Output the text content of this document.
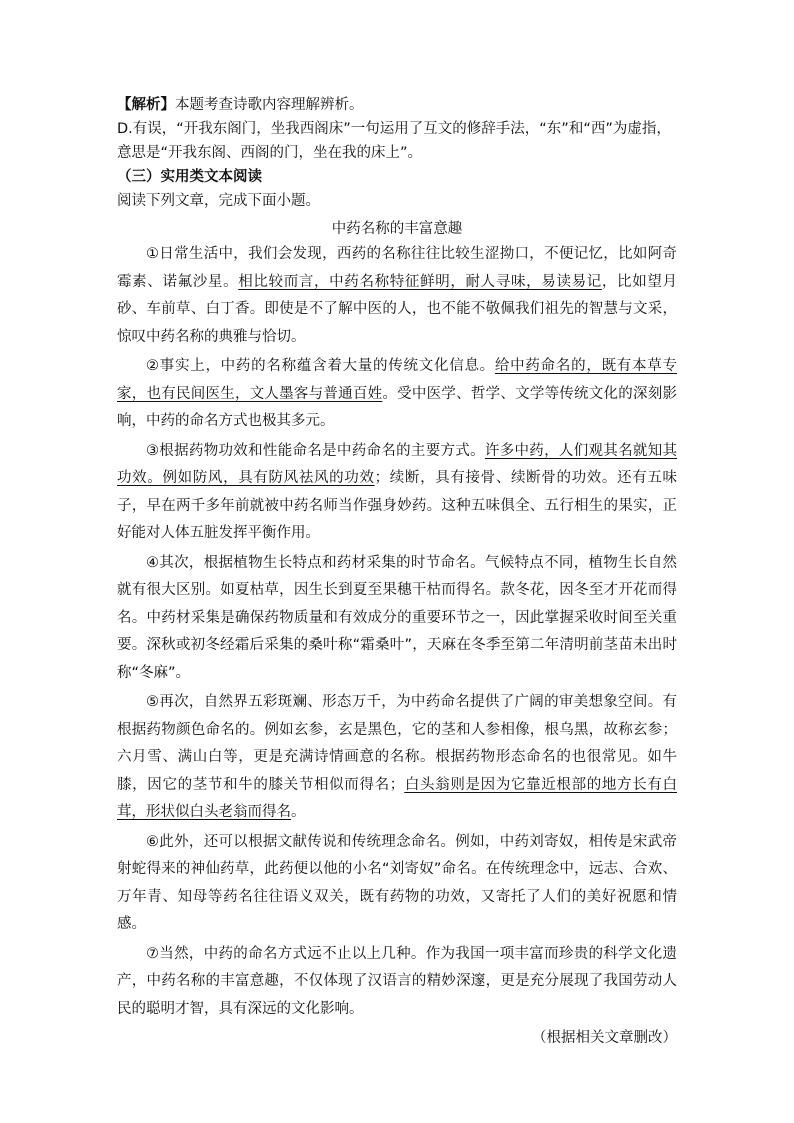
【解析】本题考查诗歌内容理解辨析。

D.有误，“开我东阁门，坐我西阁床”一句运用了互文的修辞手法，“东”和“西”为虚指，意思是“开我东阁、西阁的门，坐在我的床上”。

（三）实用类文本阅读

阅读下列文章，完成下面小题。

中药名称的丰富意趣

①日常生活中，我们会发现，西药的名称往往比较生涩拗口，不便记忆，比如阿奇霉素、诺氟沙星。相比较而言，中药名称特征鲜明，耐人寻味，易读易记，比如望月砂、车前草、白丁香。即使是不了解中医的人，也不能不敬佩我们祖先的智慧与文采，惊叹中药名称的典雅与恰切。

②事实上，中药的名称蕴含着大量的传统文化信息。给中药命名的，既有本草专家，也有民间医生，文人墨客与普通百姓。受中医学、哲学、文学等传统文化的深刻影响，中药的命名方式也极其多元。

③根据药物功效和性能命名是中药命名的主要方式。许多中药，人们观其名就知其功效。例如防风，具有防风祛风的功效；续断，具有接骨、续断骨的功效。还有五味子，早在两千多年前就被中药名师当作强身妙药。这种五味俱全、五行相生的果实，正好能对人体五脏发挥平衡作用。

④其次，根据植物生长特点和药材采集的时节命名。气候特点不同，植物生长自然就有很大区别。如夏枯草，因生长到夏至果穗干枯而得名。款冬花，因冬至才开花而得名。中药材采集是确保药物质量和有效成分的重要环节之一，因此掌握采收时间至关重要。深秋或初冬经霜后采集的桑叶称“霜桑叶”，天麻在冬季至第二年清明前茎苗未出时称“冬麻”。

⑤再次，自然界五彩斑斓、形态万千，为中药命名提供了广阔的审美想象空间。有根据药物颜色命名的。例如玄参，玄是黑色，它的茎和人参相像，根乌黑，故称玄参；六月雪、满山白等，更是充满诗情画意的名称。根据药物形态命名的也很常见。如牛膝，因它的茎节和牛的膝关节相似而得名；白头翁则是因为它靠近根部的地方长有白茸，形状似白头老翁而得名。

⑥此外，还可以根据文献传说和传统理念命名。例如，中药刘寄奴，相传是宋武帝射蛇得来的神仙药草，此药便以他的小名“刘寄奴”命名。在传统理念中，远志、合欢、万年青、知母等药名往往语义双关，既有药物的功效，又寄托了人们的美好祝愿和情感。

⑦当然，中药的命名方式远不止以上几种。作为我国一项丰富而珍贵的科学文化遗产，中药名称的丰富意趣，不仅体现了汉语言的精妙深邃，更是充分展现了我国劳动人民的聪明才智，具有深远的文化影响。

（根据相关文章删改）
